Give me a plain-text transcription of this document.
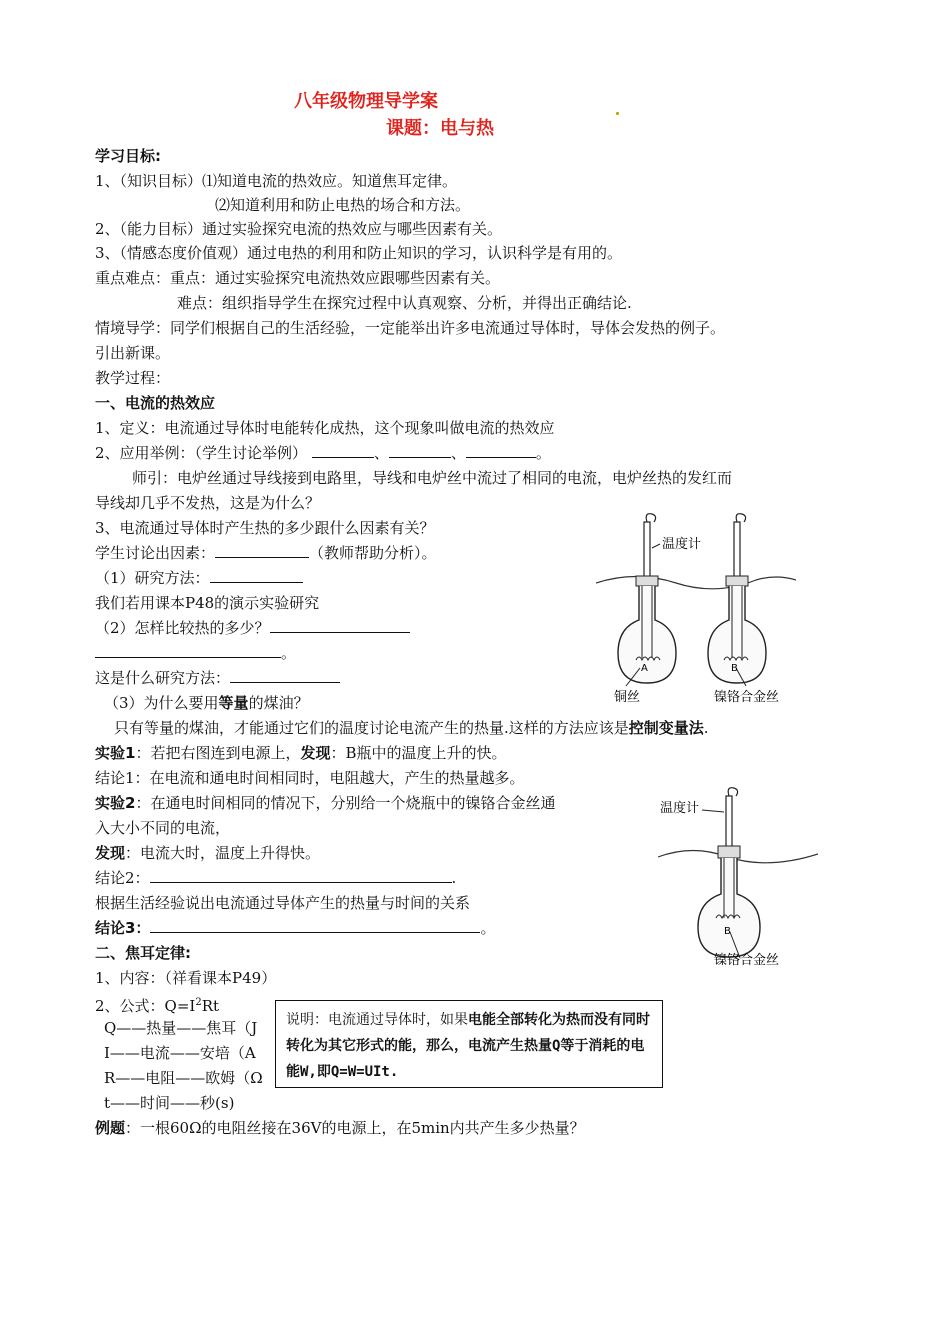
八年级物理导学案
课题：电与热
学习目标:
1、（知识目标）⑴知道电流的热效应。知道焦耳定律。
⑵知道利用和防止电热的场合和方法。
2、（能力目标）通过实验探究电流的热效应与哪些因素有关。
3、（情感态度价值观）通过电热的利用和防止知识的学习，认识科学是有用的。
重点难点：重点：通过实验探究电流热效应跟哪些因素有关。
难点：组织指导学生在探究过程中认真观察、分析，并得出正确结论.
情境导学：同学们根据自己的生活经验，一定能举出许多电流通过导体时，导体会发热的例子。
引出新课。
教学过程：
一、电流的热效应
1、定义：电流通过导体时电能转化成热，这个现象叫做电流的热效应
2、应用举例：（学生讨论举例）	、	、	。
师引：电炉丝通过导线接到电路里，导线和电炉丝中流过了相同的电流，电炉丝热的发红而
导线却几乎不发热，这是为什么？
3、电流通过导体时产生热的多少跟什么因素有关？
学生讨论出因素：	（教师帮助分析）。
（1）研究方法：
我们若用课本P48的演示实验研究
（2）怎样比较热的多少？
。
这是什么研究方法：
（3）为什么要用等量的煤油？
只有等量的煤油，才能通过它们的温度讨论电流产生的热量.这样的方法应该是控制变量法.
实验1：若把右图连到电源上，发现：B瓶中的温度上升的快。
结论1：在电流和通电时间相同时，电阻越大，产生的热量越多。
实验2：在通电时间相同的情况下，分别给一个烧瓶中的镍铬合金丝通
入大小不同的电流，
发现：电流大时，温度上升得快。
结论2：	.
根据生活经验说出电流通过导体产生的热量与时间的关系
结论3：	。
二、焦耳定律:
1、内容：（祥看课本P49）
2、公式：$Q=I^2Rt$
Q——热量——焦耳（J
I——电流——安培（A
R——电阻——欧姆（Ω
t——时间——秒(s)
例题：一根60Ω的电阻丝接在36V的电源上，在5min内共产生多少热量？
说明：电流通过导体时，如果电能全部转化为热而没有同时转化为其它形式的能，那么，电流产生热量Q等于消耗的电能W,即Q=W=UIt.
温度计
A	B
铜丝	镍铬合金丝
温度计
B
镍铬合金丝
